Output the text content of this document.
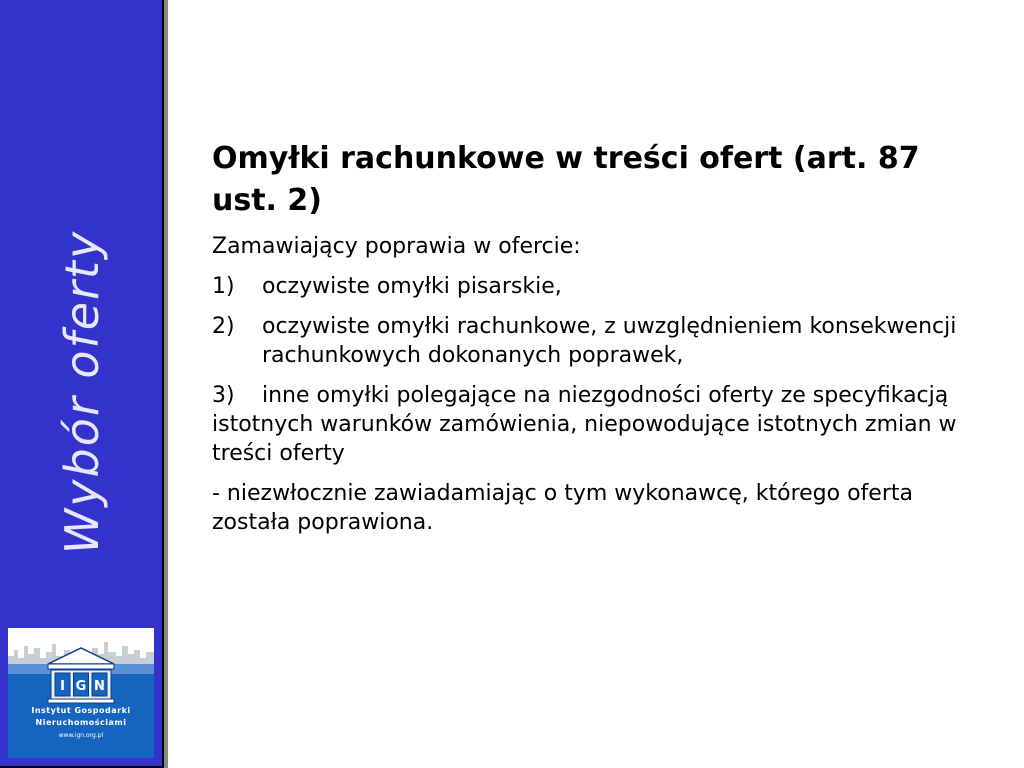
Wybór oferty
I G N
Instytut Gospodarki
Nieruchomościami
www.ign.org.pl
Omyłki rachunkowe w treści ofert (art. 87 ust. 2)

Zamawiający poprawia w ofercie:

1)	oczywiste omyłki pisarskie,
2)	oczywiste omyłki rachunkowe, z uwzględnieniem konsekwencji rachunkowych dokonanych poprawek,

3) inne omyłki polegające na niezgodności oferty ze specyfikacją istotnych warunków zamówienia, niepowodujące istotnych zmian w treści oferty

- niezwłocznie zawiadamiając o tym wykonawcę, którego oferta została poprawiona.
